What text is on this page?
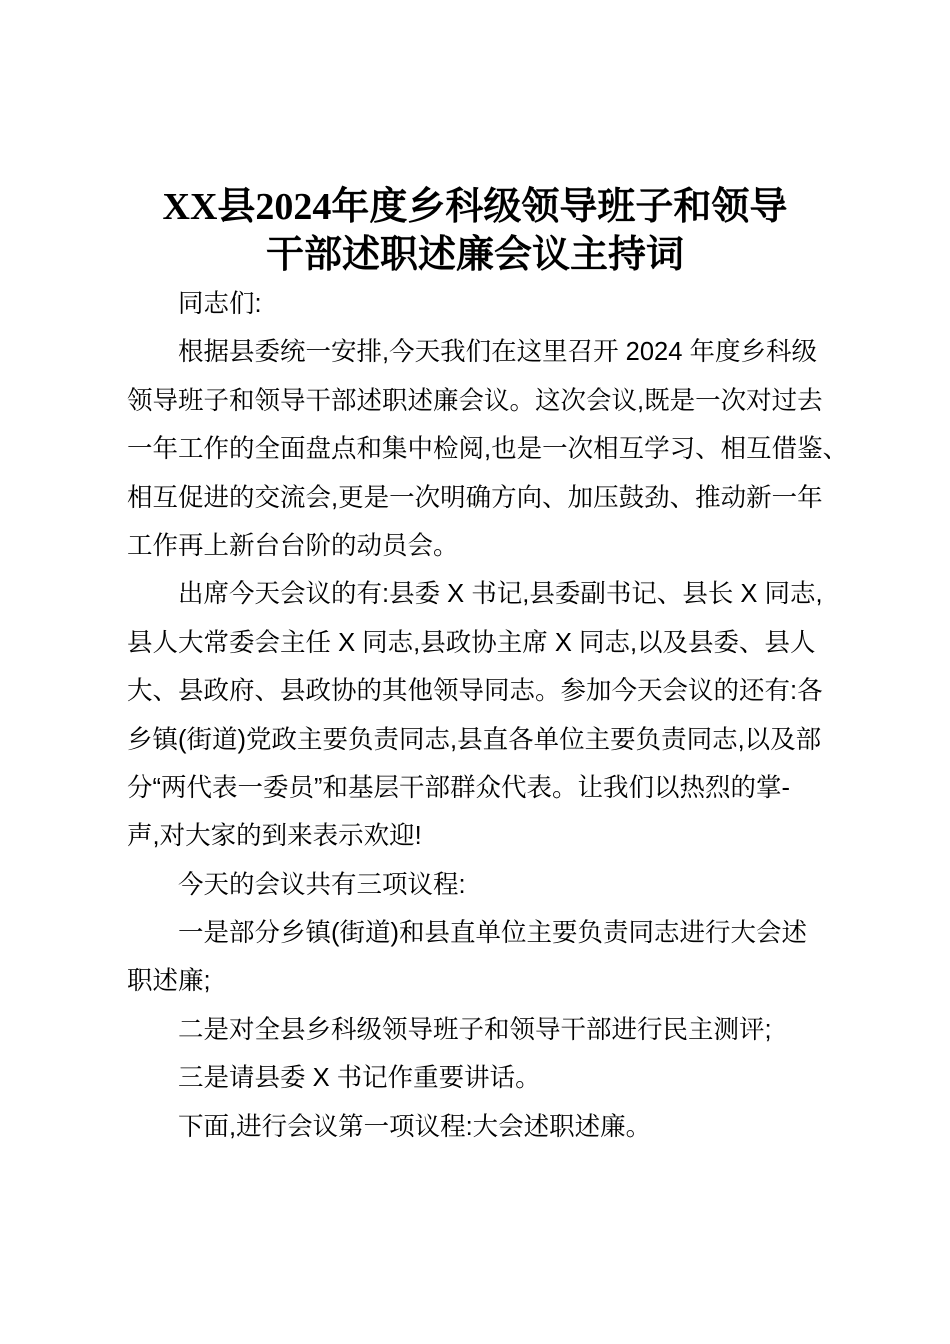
XX县2024年度乡科级领导班子和领导
干部述职述廉会议主持词
同志们:
根据县委统一安排,今天我们在这里召开 2024 年度乡科级
领导班子和领导干部述职述廉会议。这次会议,既是一次对过去
一年工作的全面盘点和集中检阅,也是一次相互学习、相互借鉴、
相互促进的交流会,更是一次明确方向、加压鼓劲、推动新一年
工作再上新台台阶的动员会。
出席今天会议的有:县委 X 书记,县委副书记、县长 X 同志,
县人大常委会主任 X 同志,县政协主席 X 同志,以及县委、县人
大、县政府、县政协的其他领导同志。参加今天会议的还有:各
乡镇(街道)党政主要负责同志,县直各单位主要负责同志,以及部
分“两代表一委员”和基层干部群众代表。让我们以热烈的掌-
声,对大家的到来表示欢迎!
今天的会议共有三项议程:
一是部分乡镇(街道)和县直单位主要负责同志进行大会述
职述廉;
二是对全县乡科级领导班子和领导干部进行民主测评;
三是请县委 X 书记作重要讲话。
下面,进行会议第一项议程:大会述职述廉。
